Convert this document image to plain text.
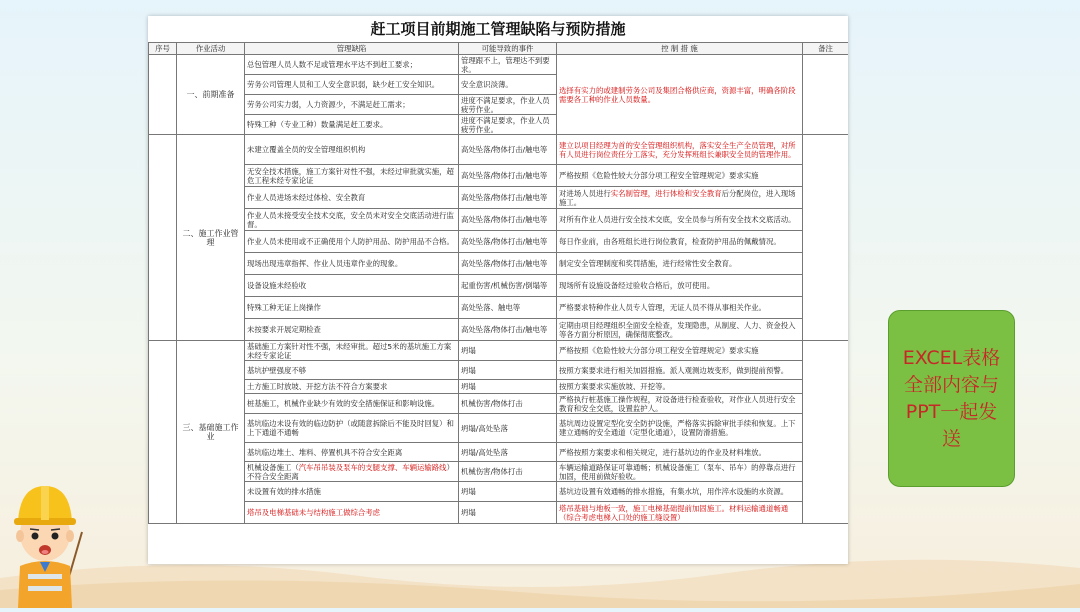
赶工项目前期施工管理缺陷与预防措施
序号	作业活动	管理缺陷	可能导致的事件	控 制 措 施	备注
	一、前期准备	总包管理人员人数不足或管理水平达不到赶工要求；	管理跟不上，管理达不到要求。	选择有实力的或建制劳务公司及集团合格供应商，资源丰富，明确各阶段需要各工种的作业人员数量。	
		劳务公司管理人员和工人安全意识弱，缺少赶工安全知识。	安全意识淡薄。		
		劳务公司实力弱，人力资源少，不满足赶工需求；	进度不满足要求，作业人员疲劳作业。		
		特殊工种（专业工种）数量满足赶工要求。	进度不满足要求，作业人员疲劳作业。		
	二、施工作业管理	未建立覆盖全员的安全管理组织机构	高处坠落/物体打击/触电等	建立以项目经理为首的安全管理组织机构，落实安全生产全员管理，对所有人员进行岗位责任分工落实，充分发挥班组长兼职安全员的管理作用。	
		无安全技术措施，施工方案针对性不强，未经过审批就实施，超危工程未经专家论证	高处坠落/物体打击/触电等	严格按照《危险性较大分部分项工程安全管理规定》要求实施	
		作业人员进场未经过体检、安全教育	高处坠落/物体打击/触电等	对进场人员进行实名制管理，进行体检和安全教育后分配岗位，进入现场施工。	
		作业人员未接受安全技术交底，安全员未对安全交底活动进行监督。	高处坠落/物体打击/触电等	对所有作业人员进行安全技术交底，安全员参与所有安全技术交底活动。	
		作业人员未使用或不正确使用个人防护用品、防护用品不合格。	高处坠落/物体打击/触电等	每日作业前，由各班组长进行岗位教育，检查防护用品的佩戴情况。	
		现场出现违章指挥、作业人员违章作业的现象。	高处坠落/物体打击/触电等	制定安全管理制度和奖罚措施，进行经常性安全教育。	
		设备设施未经验收	起重伤害/机械伤害/倒塌等	现场所有设施设备经过验收合格后，放可使用。	
		特殊工种无证上岗操作	高处坠落、触电等	严格要求特种作业人员专人管理，无证人员不得从事相关作业。	
		未按要求开展定期检查	高处坠落/物体打击/触电等	定期由项目经理组织全面安全检查，发现隐患，从制度、人力、资金投入等各方面分析原因，确保彻底整改。	
	三、基础施工作业	基础施工方案针对性不强，未经审批。超过5米的基坑施工方案未经专家论证	坍塌	严格按照《危险性较大分部分项工程安全管理规定》要求实施	
		基坑护壁强度不够	坍塌	按照方案要求进行相关加固措施。派人观测边坡变形，做到提前预警。	
		土方施工时放坡、开挖方法不符合方案要求	坍塌	按照方案要求实施放坡、开挖等。	
		桩基施工，机械作业缺少有效的安全措施保证和影响设施。	机械伤害/物体打击	严格执行桩基施工操作规程，对设备进行检查验收，对作业人员进行安全教育和安全交底，设置监护人。	
		基坑临边未设有效的临边防护（或随意拆除后不能及时回复）和上下通道不通畅	坍塌/高处坠落	基坑周边设置定型化安全防护设施，严格落实拆除审批手续和恢复。上下建立通畅的安全通道（定型化通道），设置防滑措施。	
		基坑临边堆土、堆料、停置机具不符合安全距离	坍塌/高处坠落	严格按照方案要求和相关规定，进行基坑边的作业及材料堆放。	
		机械设备施工（汽车吊吊装及泵车的支腿支撑、车辆运输路线）不符合安全距离	机械伤害/物体打击	车辆运输道路保证可靠通畅；机械设备施工（泵车、吊车）的停靠点进行加固，使用前做好验收。	
		未设置有效的排水措施	坍塌	基坑边设置有效通畅的排水措施，有集水坑，用作淬水设施的水资源。	
		塔吊及电梯基础未与结构施工做综合考虑	坍塌	塔吊基础与地板一致，施工电梯基础提前加固施工。材料运输通道畅通（综合考虑电梯入口处的施工缝设置）	
EXCEL表格全部内容与PPT一起发送
